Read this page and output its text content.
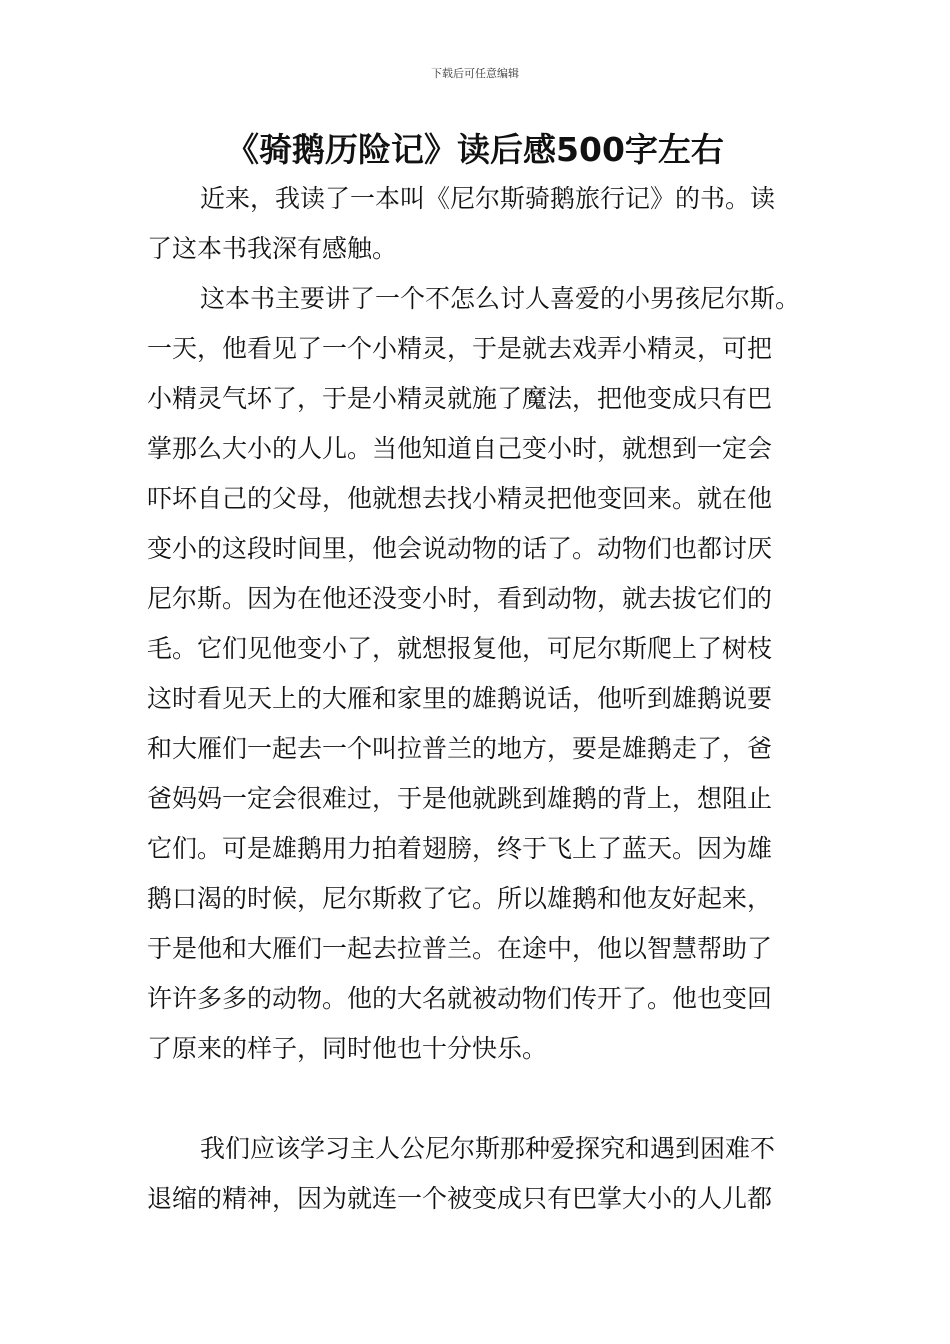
下载后可任意编辑
《骑鹅历险记》读后感500字左右
近来，我读了一本叫《尼尔斯骑鹅旅行记》的书。读
了这本书我深有感触。
这本书主要讲了一个不怎么讨人喜爱的小男孩尼尔斯。
一天，他看见了一个小精灵，于是就去戏弄小精灵，可把
小精灵气坏了，于是小精灵就施了魔法，把他变成只有巴
掌那么大小的人儿。当他知道自己变小时，就想到一定会
吓坏自己的父母，他就想去找小精灵把他变回来。就在他
变小的这段时间里，他会说动物的话了。动物们也都讨厌
尼尔斯。因为在他还没变小时，看到动物，就去拔它们的
毛。它们见他变小了，就想报复他，可尼尔斯爬上了树枝
这时看见天上的大雁和家里的雄鹅说话，他听到雄鹅说要
和大雁们一起去一个叫拉普兰的地方，要是雄鹅走了，爸
爸妈妈一定会很难过，于是他就跳到雄鹅的背上，想阻止
它们。可是雄鹅用力拍着翅膀，终于飞上了蓝天。因为雄
鹅口渴的时候，尼尔斯救了它。所以雄鹅和他友好起来，
于是他和大雁们一起去拉普兰。在途中，他以智慧帮助了
许许多多的动物。他的大名就被动物们传开了。他也变回
了原来的样子，同时他也十分快乐。
我们应该学习主人公尼尔斯那种爱探究和遇到困难不
退缩的精神，因为就连一个被变成只有巴掌大小的人儿都
